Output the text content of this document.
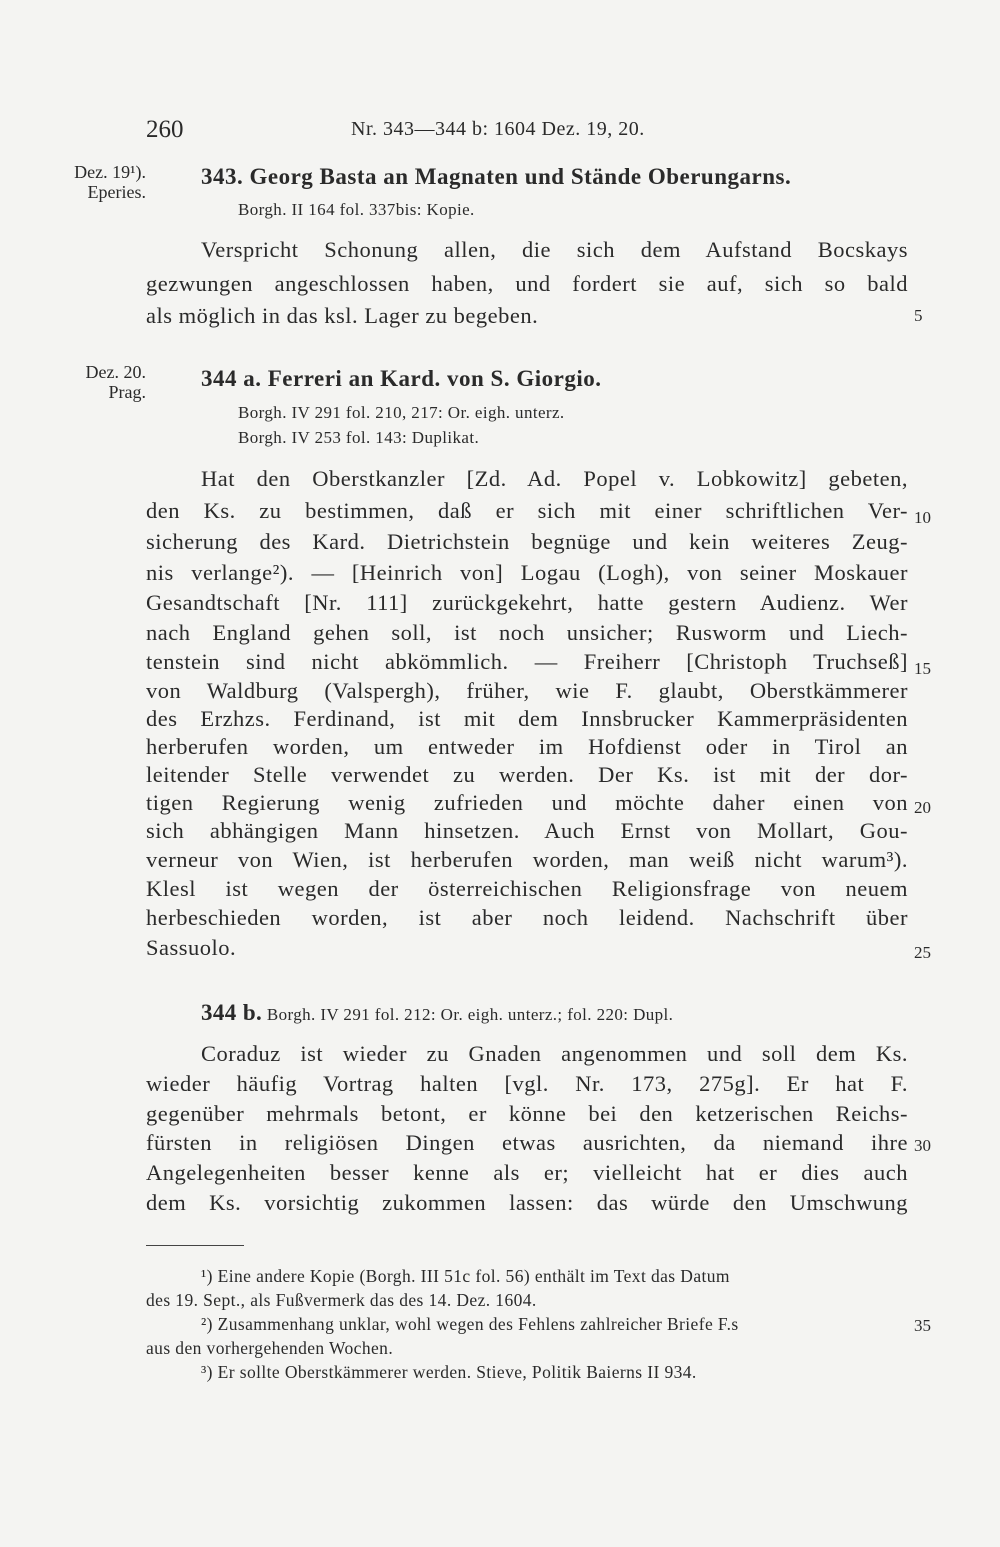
260	Nr. 343—344 b: 1604 Dez. 19, 20.
Dez. 19¹).
Eperies.
343. Georg Basta an Magnaten und Stände Oberungarns.
Borgh. II 164 fol. 337bis: Kopie.
Verspricht Schonung allen, die sich dem Aufstand Bocskays
gezwungen angeschlossen haben, und fordert sie auf, sich so bald
als möglich in das ksl. Lager zu begeben.	5
Dez. 20.
Prag.
344 a. Ferreri an Kard. von S. Giorgio.
Borgh. IV 291 fol. 210, 217: Or. eigh. unterz.
Borgh. IV 253 fol. 143: Duplikat.
Hat den Oberstkanzler [Zd. Ad. Popel v. Lobkowitz] gebeten,
den Ks. zu bestimmen, daß er sich mit einer schriftlichen Ver-
sicherung des Kard. Dietrichstein begnüge und kein weiteres Zeug-
nis verlange²). — [Heinrich von] Logau (Logh), von seiner Moskauer
Gesandtschaft [Nr. 111] zurückgekehrt, hatte gestern Audienz. Wer
nach England gehen soll, ist noch unsicher; Rusworm und Liech-
tenstein sind nicht abkömmlich. — Freiherr [Christoph Truchseß]
von Waldburg (Valspergh), früher, wie F. glaubt, Oberstkämmerer
des Erzhzs. Ferdinand, ist mit dem Innsbrucker Kammerpräsidenten
herberufen worden, um entweder im Hofdienst oder in Tirol an
leitender Stelle verwendet zu werden. Der Ks. ist mit der dor-
tigen Regierung wenig zufrieden und möchte daher einen von
sich abhängigen Mann hinsetzen. Auch Ernst von Mollart, Gou-
verneur von Wien, ist herberufen worden, man weiß nicht warum³).
Klesl ist wegen der österreichischen Religionsfrage von neuem
herbeschieden worden, ist aber noch leidend. Nachschrift über
Sassuolo.
10
15
20
25
344 b. Borgh. IV 291 fol. 212: Or. eigh. unterz.; fol. 220: Dupl.
Coraduz ist wieder zu Gnaden angenommen und soll dem Ks.
wieder häufig Vortrag halten [vgl. Nr. 173, 275g]. Er hat F.
gegenüber mehrmals betont, er könne bei den ketzerischen Reichs-
fürsten in religiösen Dingen etwas ausrichten, da niemand ihre
Angelegenheiten besser kenne als er; vielleicht hat er dies auch
dem Ks. vorsichtig zukommen lassen: das würde den Umschwung
30
¹) Eine andere Kopie (Borgh. III 51c fol. 56) enthält im Text das Datum
des 19. Sept., als Fußvermerk das des 14. Dez. 1604.
²) Zusammenhang unklar, wohl wegen des Fehlens zahlreicher Briefe F.s
aus den vorhergehenden Wochen.
³) Er sollte Oberstkämmerer werden. Stieve, Politik Baierns II 934.
35
